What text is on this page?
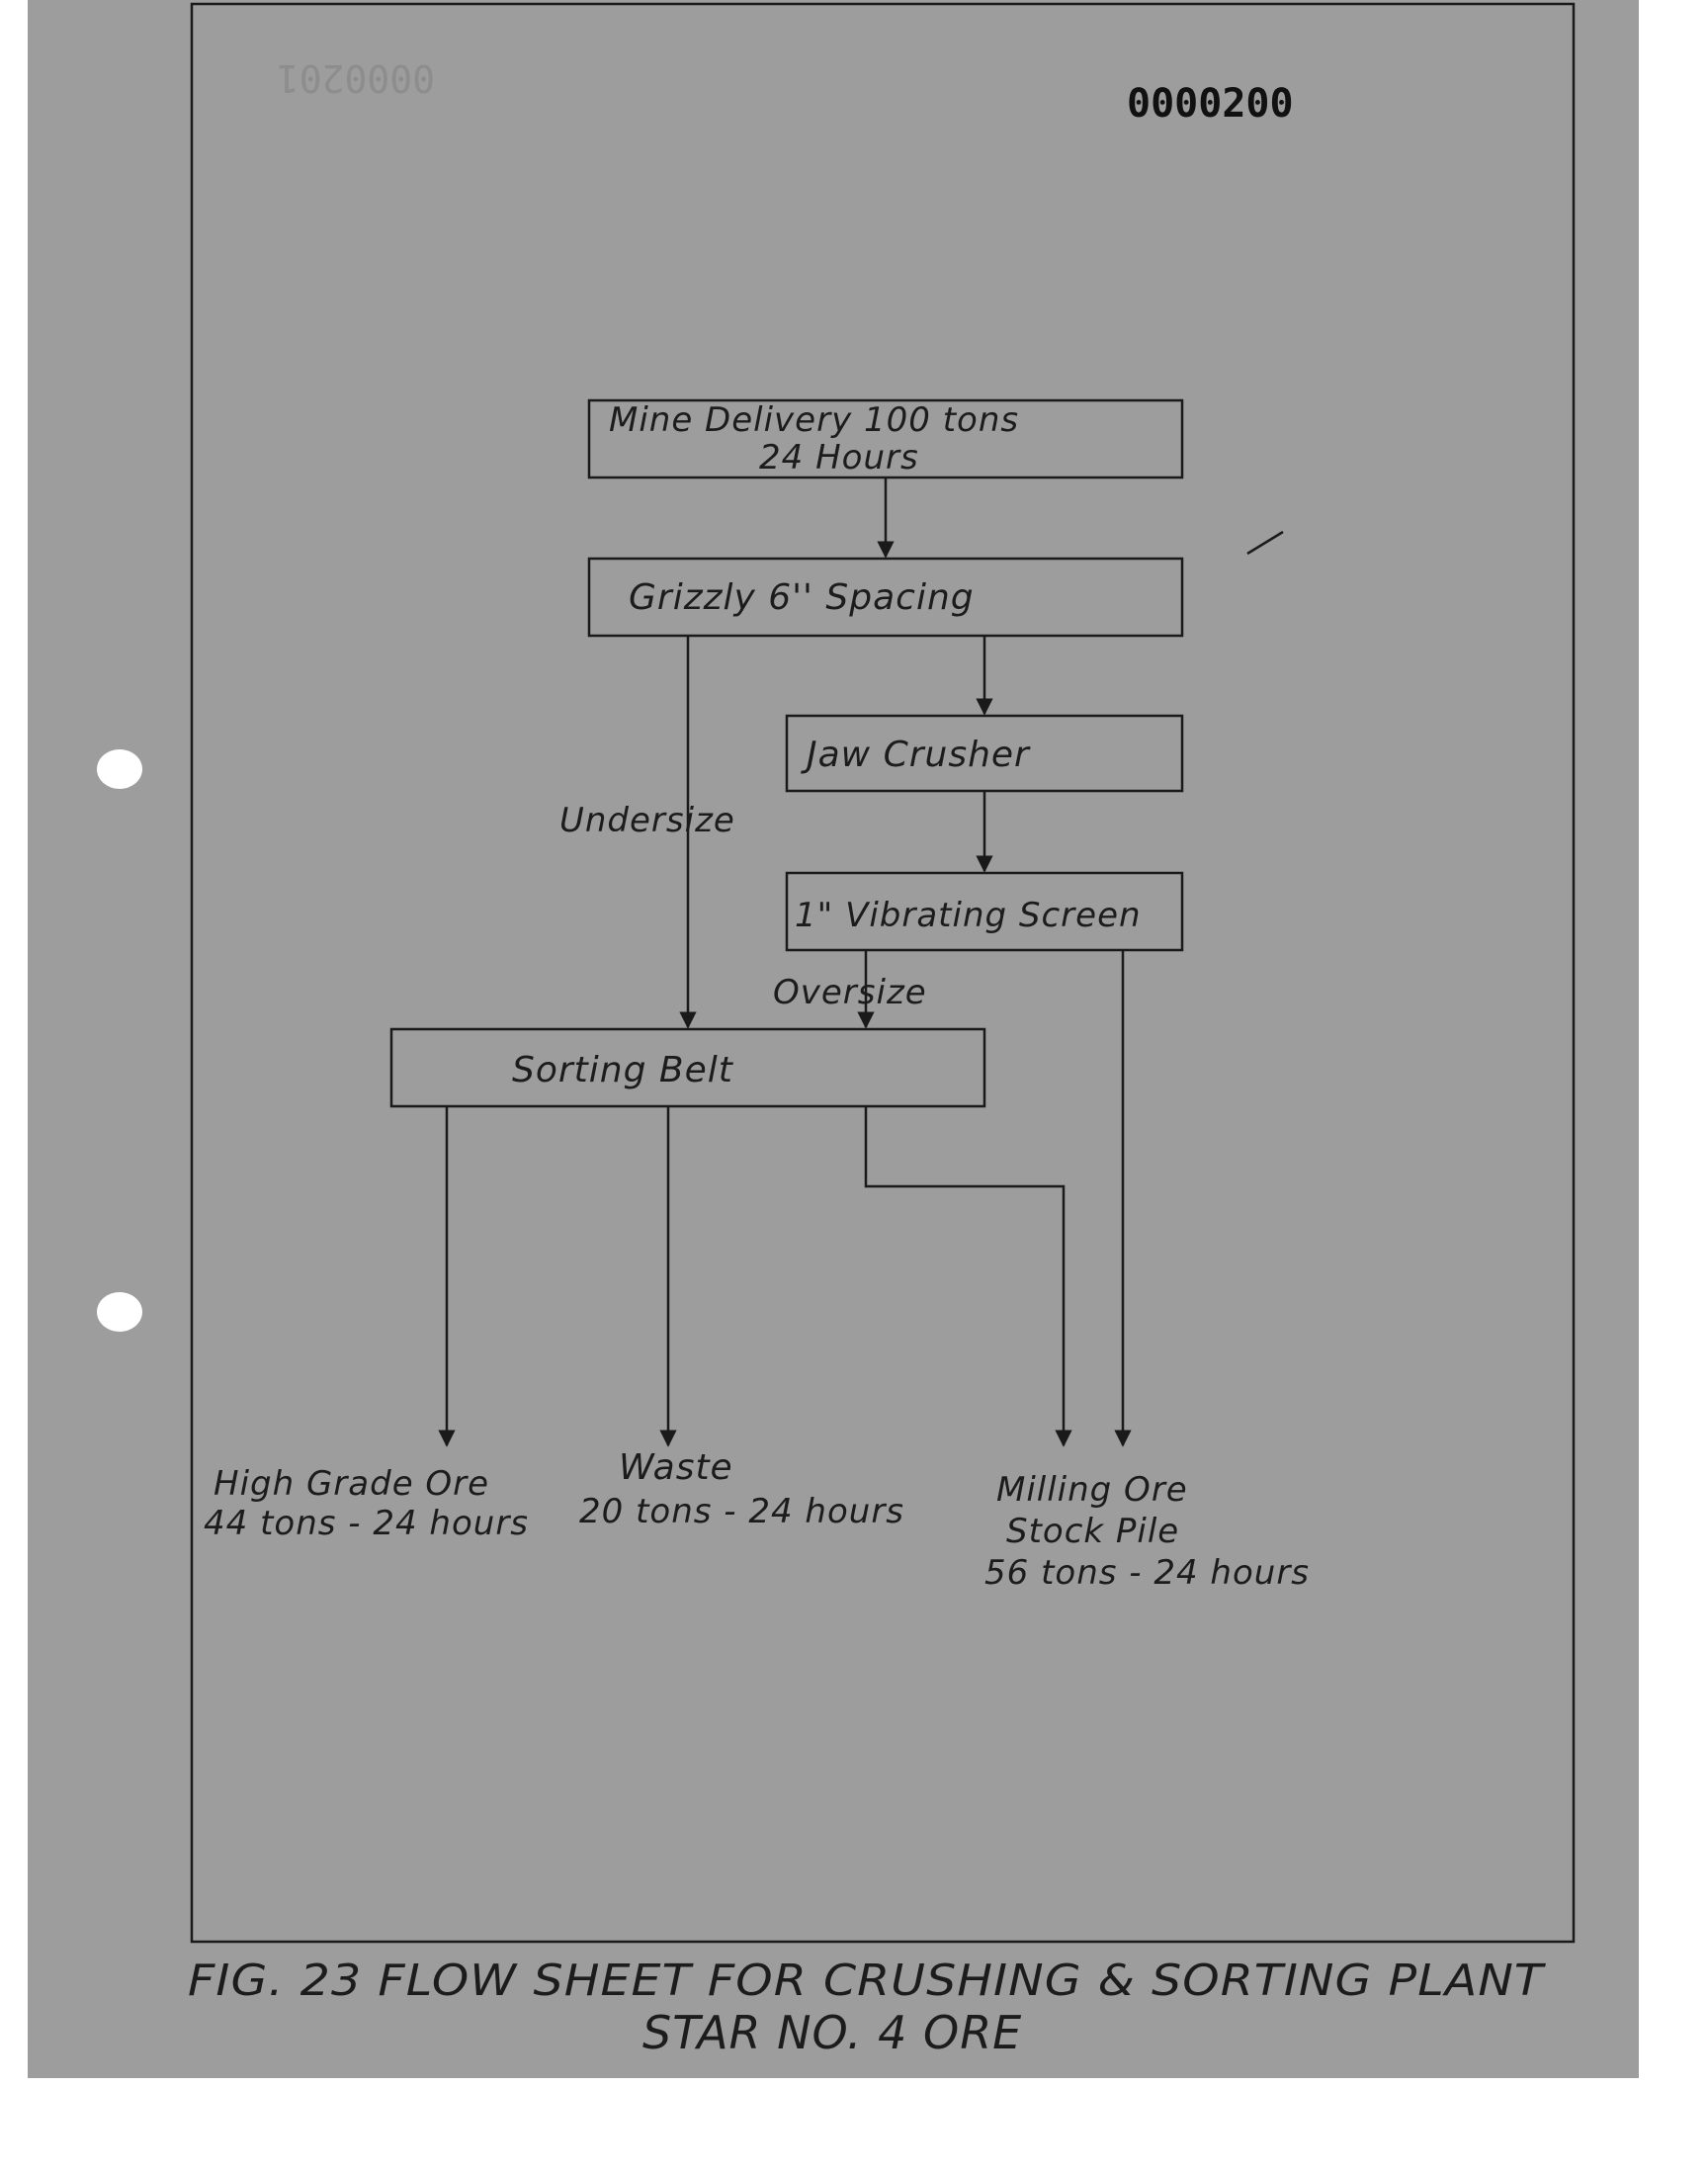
0000200
0000201
Mine Delivery 100 tons
24 Hours
Grizzly 6'' Spacing
Jaw Crusher
1" Vibrating Screen
Sorting Belt
Undersize
Oversize
High Grade Ore
44 tons - 24 hours
Waste
20 tons - 24 hours
Milling Ore
Stock Pile
56 tons - 24 hours
FIG. 23 FLOW SHEET FOR CRUSHING & SORTING PLANT
STAR NO. 4 ORE
